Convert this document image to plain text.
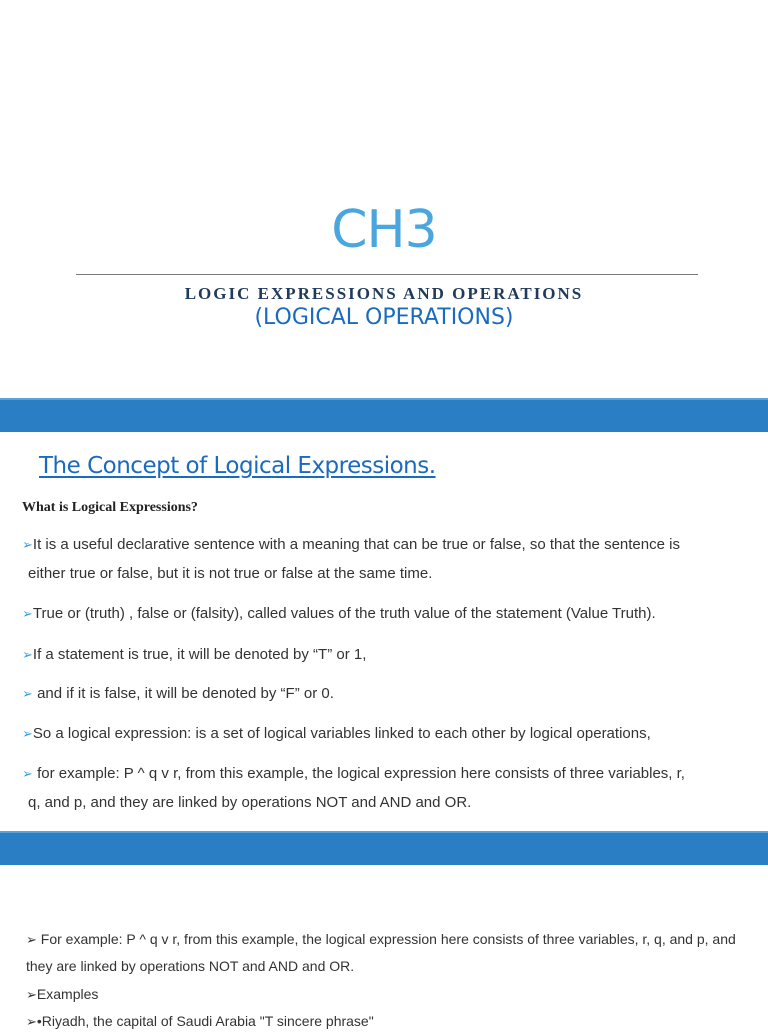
CH3
LOGIC EXPRESSIONS AND OPERATIONS
(LOGICAL OPERATIONS)
The Concept of Logical Expressions.
What is Logical Expressions?
➢It is a useful declarative sentence with a meaning that can be true or false, so that the sentence is
either true or false, but it is not true or false at the same time.
➢True or (truth) , false or (falsity), called values of the truth value of the statement (Value Truth).
➢If a statement is true, it will be denoted by “T” or 1,
➢ and if it is false, it will be denoted by “F” or 0.
➢So a logical expression: is a set of logical variables linked to each other by logical operations,
➢ for example: P ^ q v r, from this example, the logical expression here consists of three variables, r,
q, and p, and they are linked by operations NOT and AND and OR.
➢ For example: P ^ q v r, from this example, the logical expression here consists of three variables, r, q, and p, and
they are linked by operations NOT and AND and OR.
➢Examples
➢•Riyadh, the capital of Saudi Arabia "T sincere phrase"
